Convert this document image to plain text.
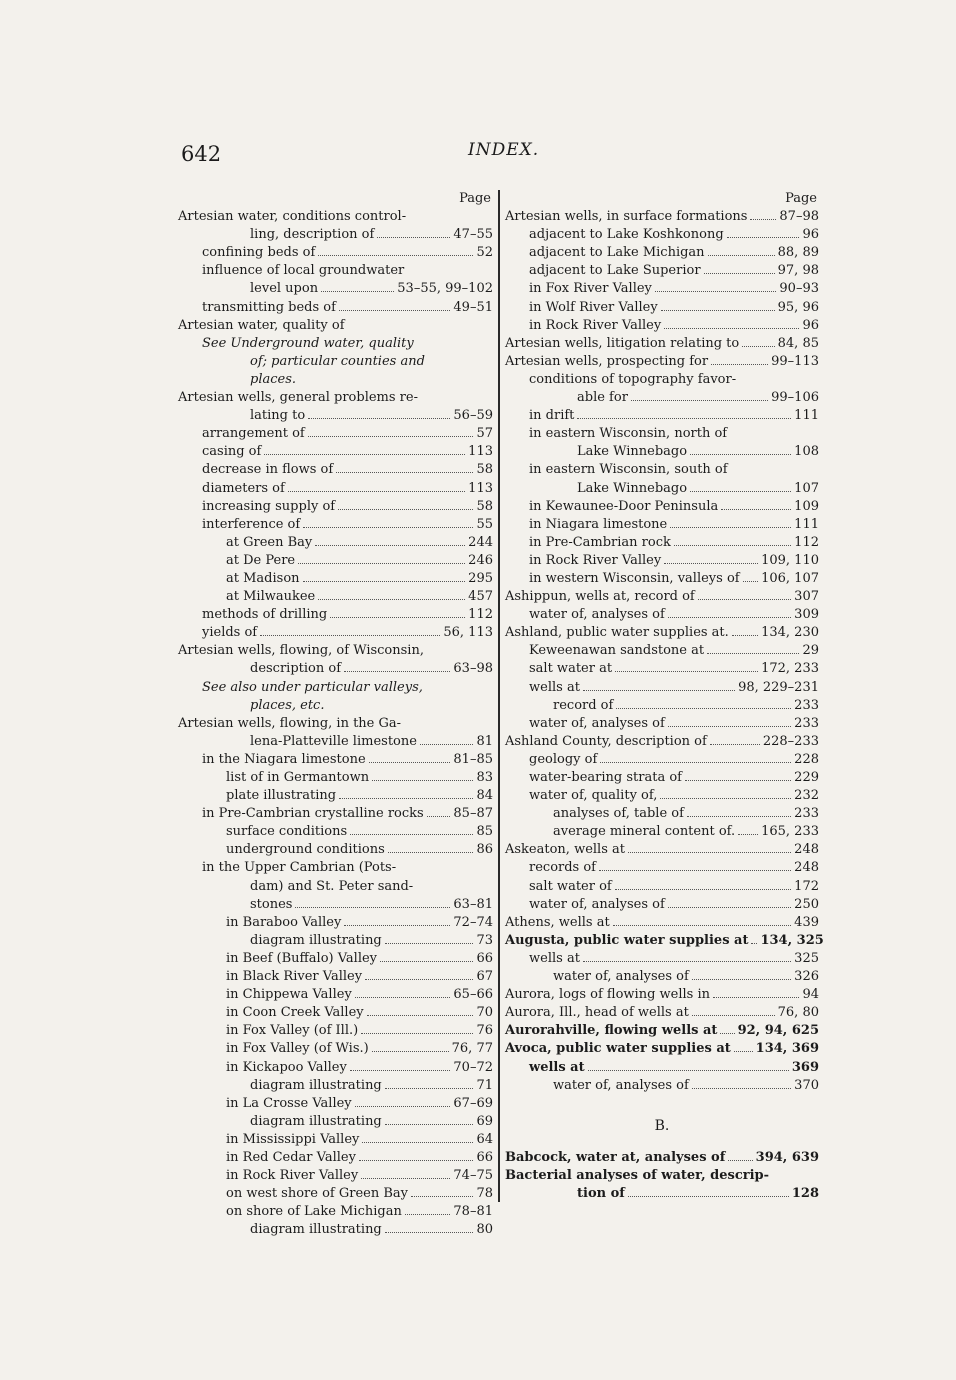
642	INDEX.
Page
Artesian water, conditions control-
ling, description of	47–55
confining beds of	52
influence of local groundwater
level upon	53–55, 99–102
transmitting beds of	49–51
Artesian water, quality of
See Underground water, quality
of; particular counties and
places.
Artesian wells, general problems re-
lating to	56–59
arrangement of	57
casing of	113
decrease in flows of	58
diameters of	113
increasing supply of	58
interference of	55
at Green Bay	244
at De Pere	246
at Madison	295
at Milwaukee	457
methods of drilling	112
yields of	56, 113
Artesian wells, flowing, of Wisconsin,
description of	63–98
See also under particular valleys,
places, etc.
Artesian wells, flowing, in the Ga-
lena-Platteville limestone	81
in the Niagara limestone	81–85
list of in Germantown	83
plate illustrating	84
in Pre-Cambrian crystalline rocks 85–87
surface conditions	85
underground conditions	86
in the Upper Cambrian (Pots-
dam) and St. Peter sand-
stones	63–81
in Baraboo Valley	72–74
diagram illustrating	73
in Beef (Buffalo) Valley	66
in Black River Valley	67
in Chippewa Valley	65–66
in Coon Creek Valley	70
in Fox Valley (of Ill.)	76
in Fox Valley (of Wis.)	76, 77
in Kickapoo Valley	70–72
diagram illustrating	71
in La Crosse Valley	67–69
diagram illustrating	69
in Mississippi Valley	64
in Red Cedar Valley	66
in Rock River Valley	74–75
on west shore of Green Bay	78
on shore of Lake Michigan	78–81
diagram illustrating	80
Page
Artesian wells, in surface formations 87–98
adjacent to Lake Koshkonong	96
adjacent to Lake Michigan	88, 89
adjacent to Lake Superior	97, 98
in Fox River Valley	90–93
in Wolf River Valley	95, 96
in Rock River Valley	96
Artesian wells, litigation relating to	84, 85
Artesian wells, prospecting for	99–113
conditions of topography favor-
able for	99–106
in drift	111
in eastern Wisconsin, north of
Lake Winnebago	108
in eastern Wisconsin, south of
Lake Winnebago	107
in Kewaunee-Door Peninsula	109
in Niagara limestone	111
in Pre-Cambrian rock	112
in Rock River Valley	109, 110
in western Wisconsin, valleys of 106, 107
Ashippun, wells at, record of	307
water of, analyses of	309
Ashland, public water supplies at. 134, 230
Keweenawan sandstone at	29
salt water at	172, 233
wells at	98, 229–231
record of	233
water of, analyses of	233
Ashland County, description of	228–233
geology of	228
water-bearing strata of	229
water of, quality of,	232
analyses of, table of	233
average mineral content of. 165, 233
Askeaton, wells at	248
records of	248
salt water of	172
water of, analyses of	250
Athens, wells at	439
Augusta, public water supplies at 134, 325
wells at	325
water of, analyses of	326
Aurora, logs of flowing wells in	94
Aurora, Ill., head of wells at	76, 80
Aurorahville, flowing wells at 92, 94, 625
Avoca, public water supplies at 134, 369
wells at	369
water of, analyses of	370
B.
Babcock, water at, analyses of 394, 639
Bacterial analyses of water, descrip-
tion of	128
